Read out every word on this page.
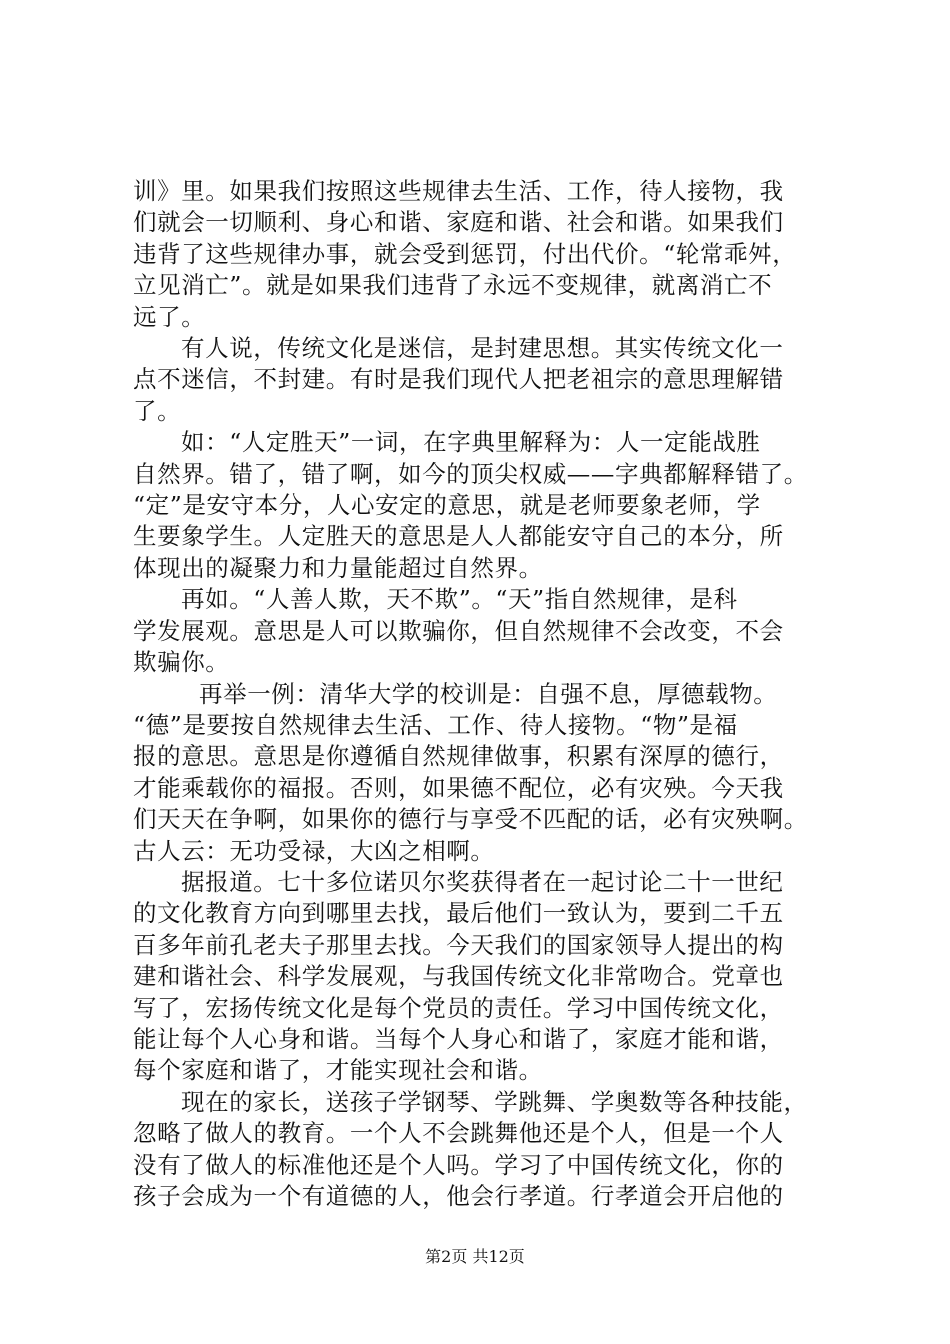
训》里。如果我们按照这些规律去生活、工作，待人接物，我
们就会一切顺利、身心和谐、家庭和谐、社会和谐。如果我们
违背了这些规律办事，就会受到惩罚，付出代价。“轮常乖舛，
立见消亡”。就是如果我们违背了永远不变规律，就离消亡不
远了。
有人说，传统文化是迷信，是封建思想。其实传统文化一
点不迷信，不封建。有时是我们现代人把老祖宗的意思理解错
了。
如：“人定胜天”一词，在字典里解释为：人一定能战胜
自然界。错了，错了啊，如今的顶尖权威——字典都解释错了。
“定”是安守本分，人心安定的意思，就是老师要象老师，学
生要象学生。人定胜天的意思是人人都能安守自己的本分，所
体现出的凝聚力和力量能超过自然界。
再如。“人善人欺，天不欺”。“天”指自然规律，是科
学发展观。意思是人可以欺骗你，但自然规律不会改变，不会
欺骗你。
再举一例：清华大学的校训是：自强不息，厚德载物。
“德”是要按自然规律去生活、工作、待人接物。“物”是福
报的意思。意思是你遵循自然规律做事，积累有深厚的德行，
才能乘载你的福报。否则，如果德不配位，必有灾殃。今天我
们天天在争啊，如果你的德行与享受不匹配的话，必有灾殃啊。
古人云：无功受禄，大凶之相啊。
据报道。七十多位诺贝尔奖获得者在一起讨论二十一世纪
的文化教育方向到哪里去找，最后他们一致认为，要到二千五
百多年前孔老夫子那里去找。今天我们的国家领导人提出的构
建和谐社会、科学发展观，与我国传统文化非常吻合。党章也
写了，宏扬传统文化是每个党员的责任。学习中国传统文化，
能让每个人心身和谐。当每个人身心和谐了，家庭才能和谐，
每个家庭和谐了，才能实现社会和谐。
现在的家长，送孩子学钢琴、学跳舞、学奥数等各种技能，
忽略了做人的教育。一个人不会跳舞他还是个人，但是一个人
没有了做人的标准他还是个人吗。学习了中国传统文化，你的
孩子会成为一个有道德的人，他会行孝道。行孝道会开启他的
第2页 共12页
